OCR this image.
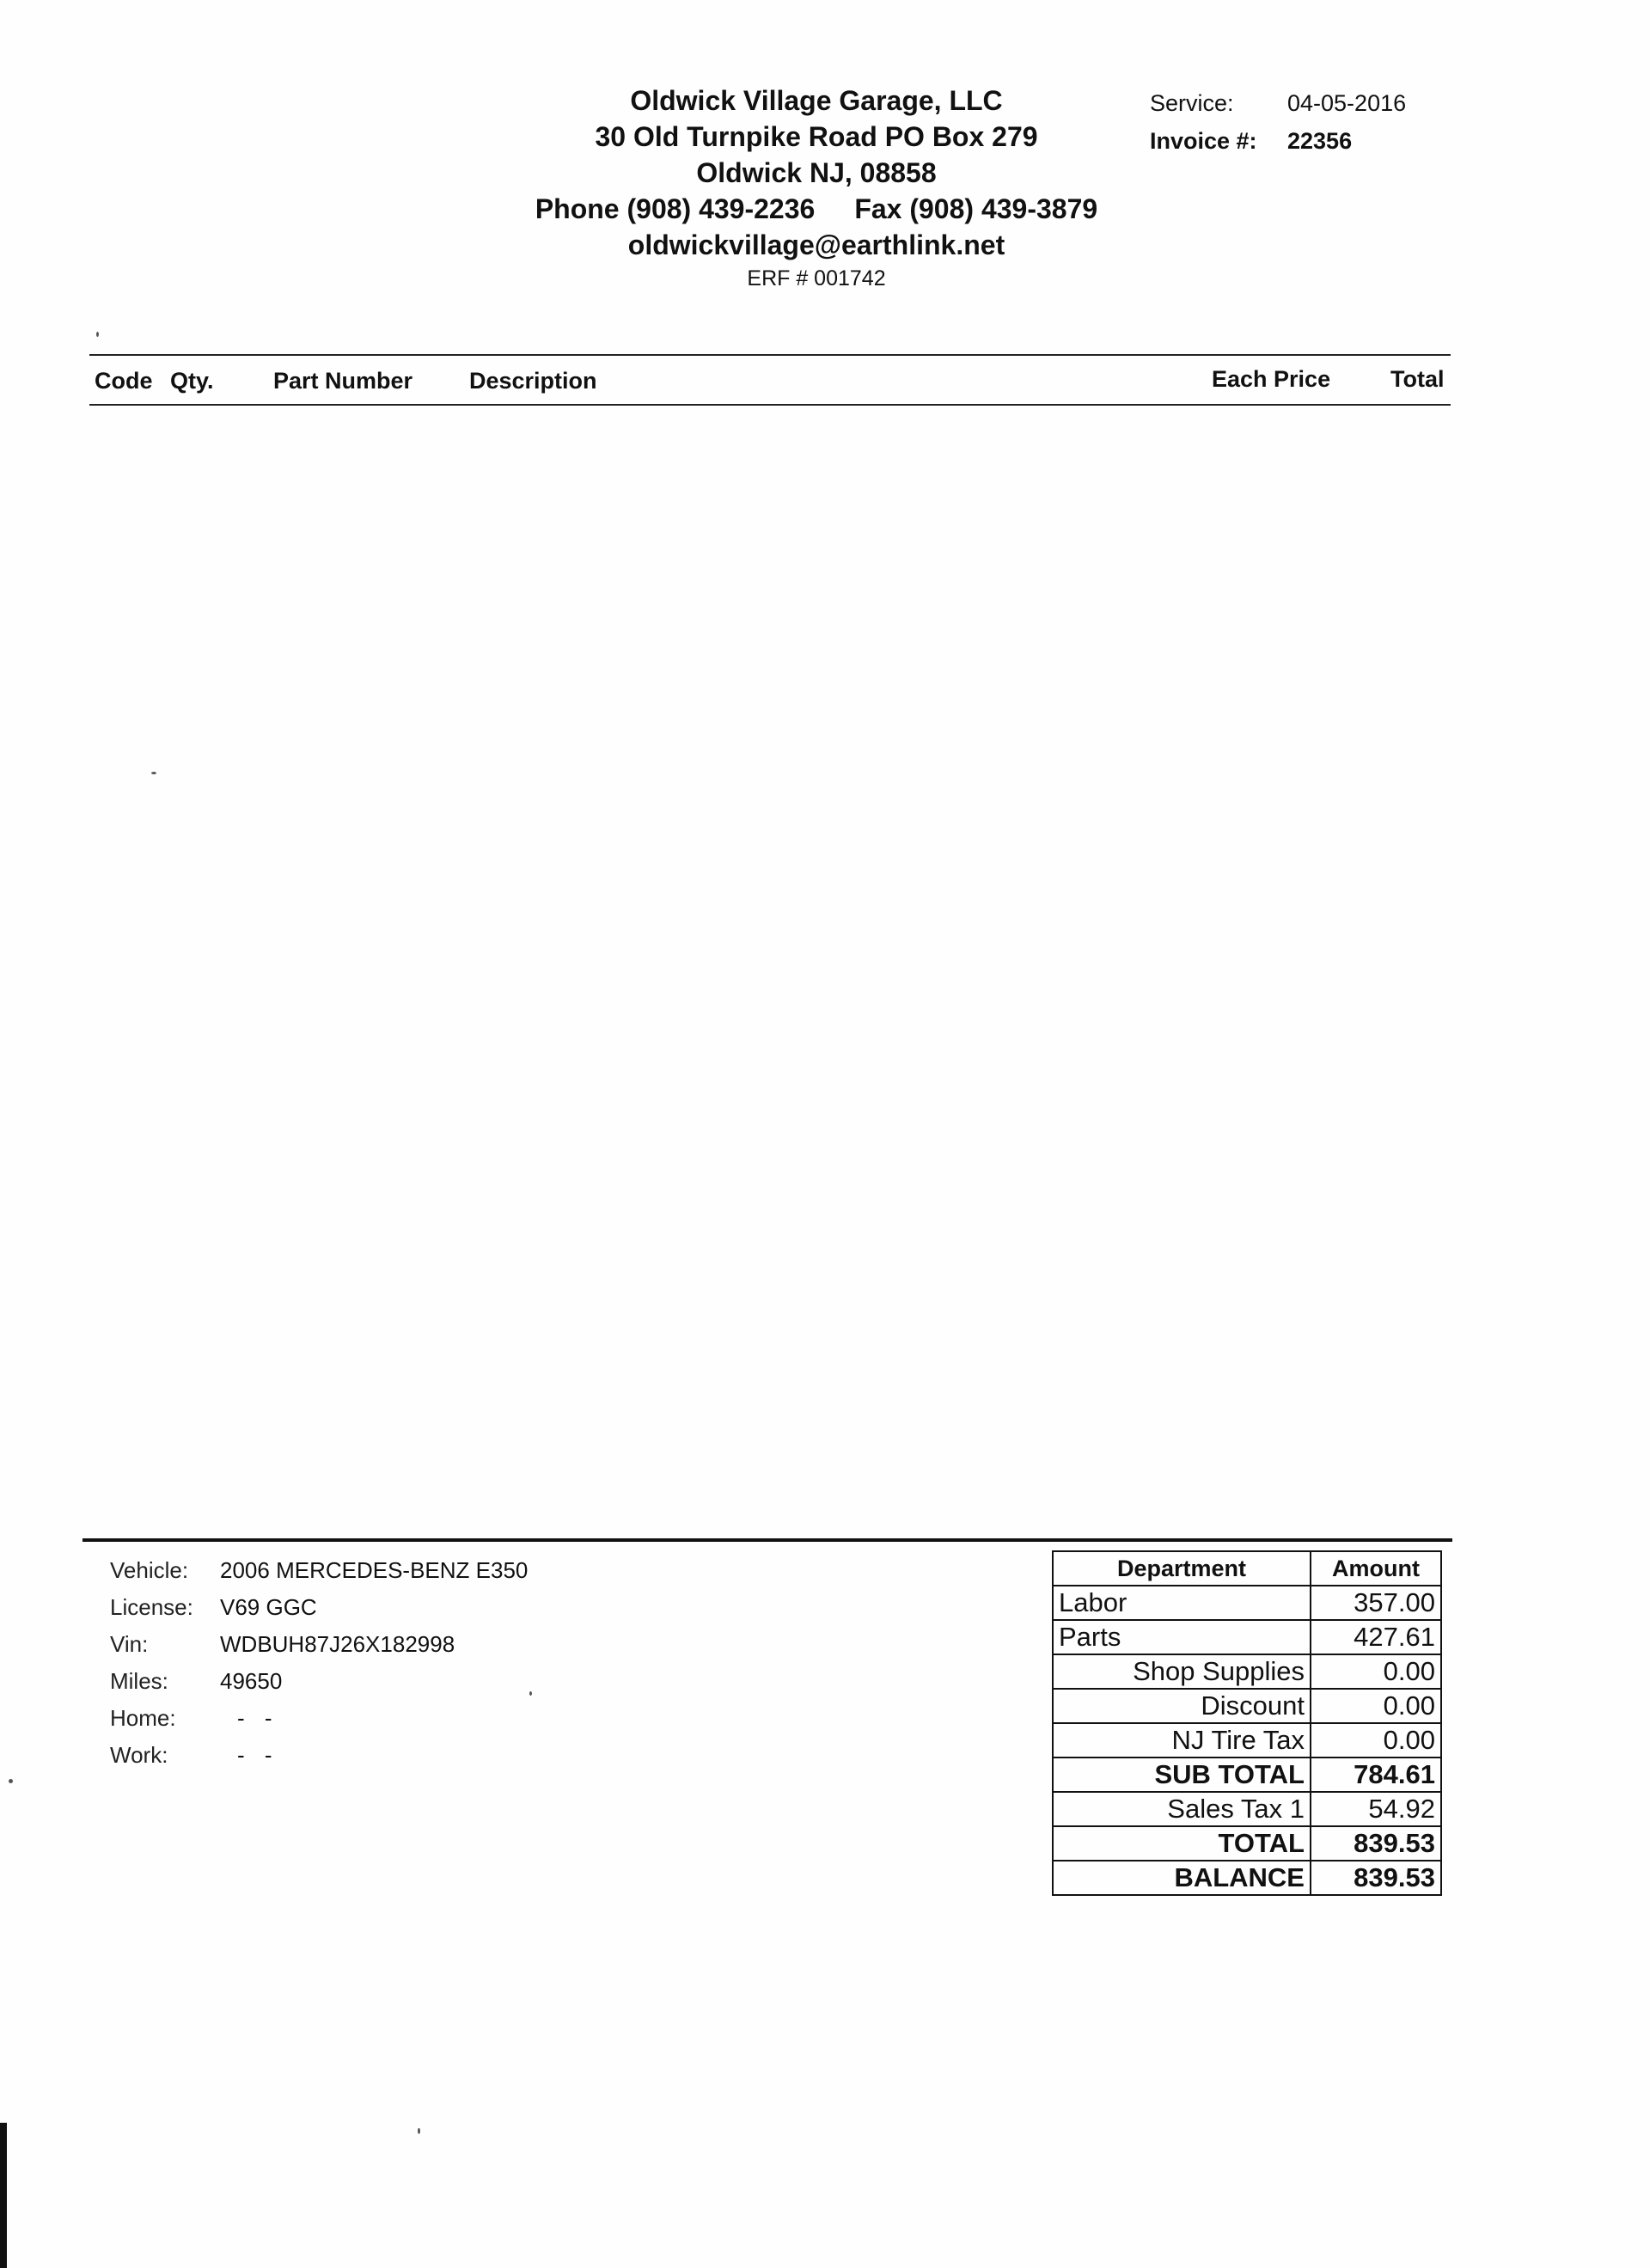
Oldwick Village Garage, LLC
30 Old Turnpike Road PO Box 279
Oldwick NJ, 08858
Phone (908) 439-2236 Fax (908) 439-3879
oldwickvillage@earthlink.net
ERF # 001742
Service:	04-05-2016
Invoice #:	22356
Code Qty.	Part Number Description	Each Price	Total
Vehicle:	2006 MERCEDES-BENZ E350
License:	V69 GGC
Vin:	WDBUH87J26X182998
Miles:	49650
Home:	- -
Work:	- -
Department	Amount
Labor	357.00
Parts	427.61
Shop Supplies	0.00
Discount	0.00
NJ Tire Tax	0.00
SUB TOTAL	784.61
Sales Tax 1	54.92
TOTAL	839.53
BALANCE	839.53
